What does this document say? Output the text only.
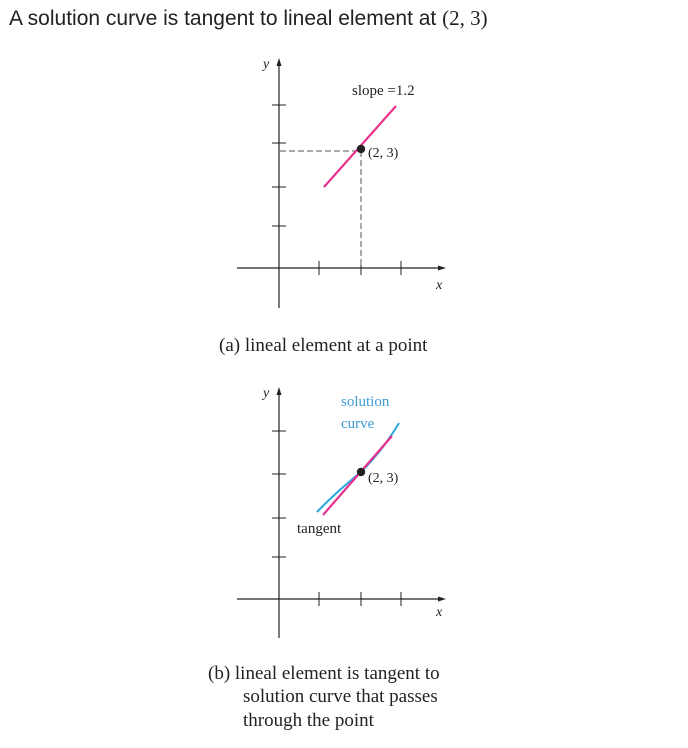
A solution curve is tangent to lineal element at (2, 3)
y
x
slope =1.2
(2, 3)
(a) lineal element at a point
y
x
solution
curve
(2, 3)
tangent
(b) lineal element is tangent to
solution curve that passes
through the point
